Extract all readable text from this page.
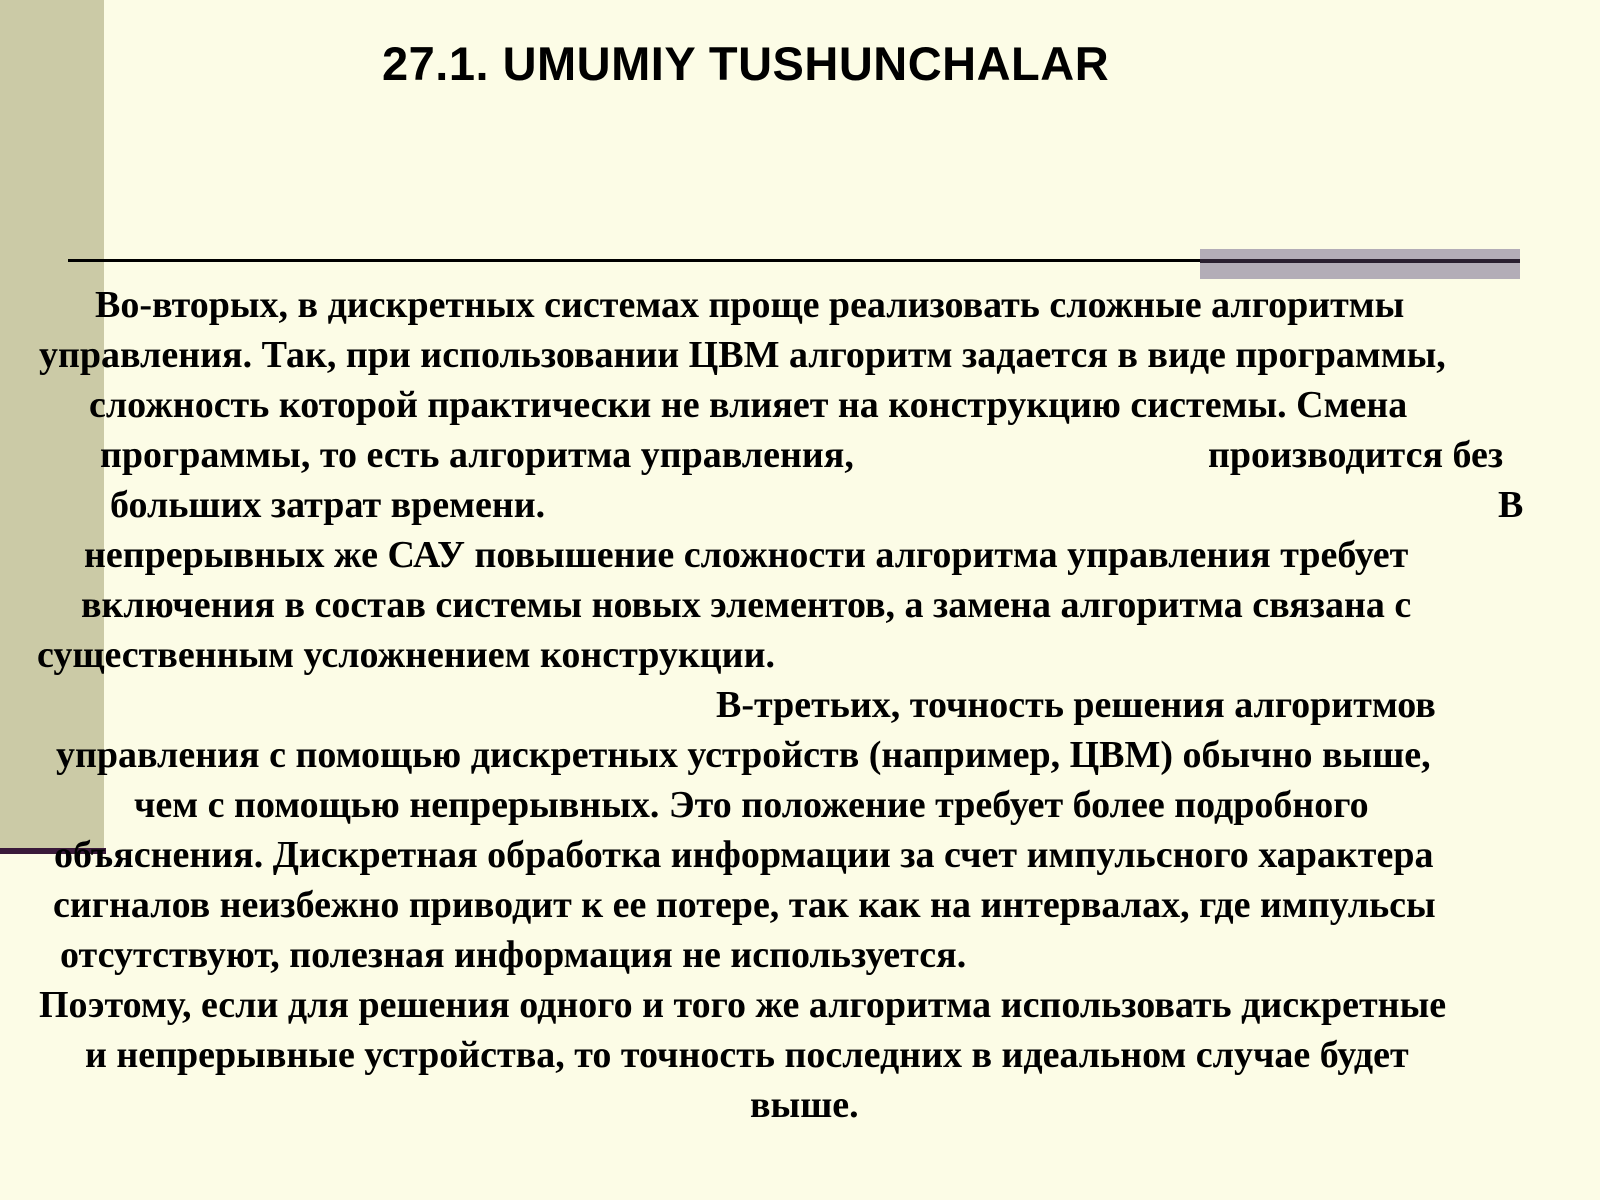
27.1. UMUMIY TUSHUNCHALAR
Во-вторых, в дискретных системах проще реализовать сложные алгоритмы
управления. Так, при использовании ЦВМ алгоритм задается в виде программы,
сложность которой практически не влияет на конструкцию системы. Смена
программы, то есть алгоритма управления,	производится без
больших затрат времени.	В
непрерывных же САУ повышение сложности алгоритма управления требует
включения в состав системы новых элементов, а замена алгоритма связана с
существенным усложнением конструкции.
В-третьих, точность решения алгоритмов
управления с помощью дискретных устройств (например, ЦВМ) обычно выше,
чем с помощью непрерывных. Это положение требует более подробного
объяснения. Дискретная обработка информации за счет импульсного характера
сигналов неизбежно приводит к ее потере, так как на интервалах, где импульсы
отсутствуют, полезная информация не используется.
Поэтому, если для решения одного и того же алгоритма использовать дискретные
и непрерывные устройства, то точность последних в идеальном случае будет
выше.
